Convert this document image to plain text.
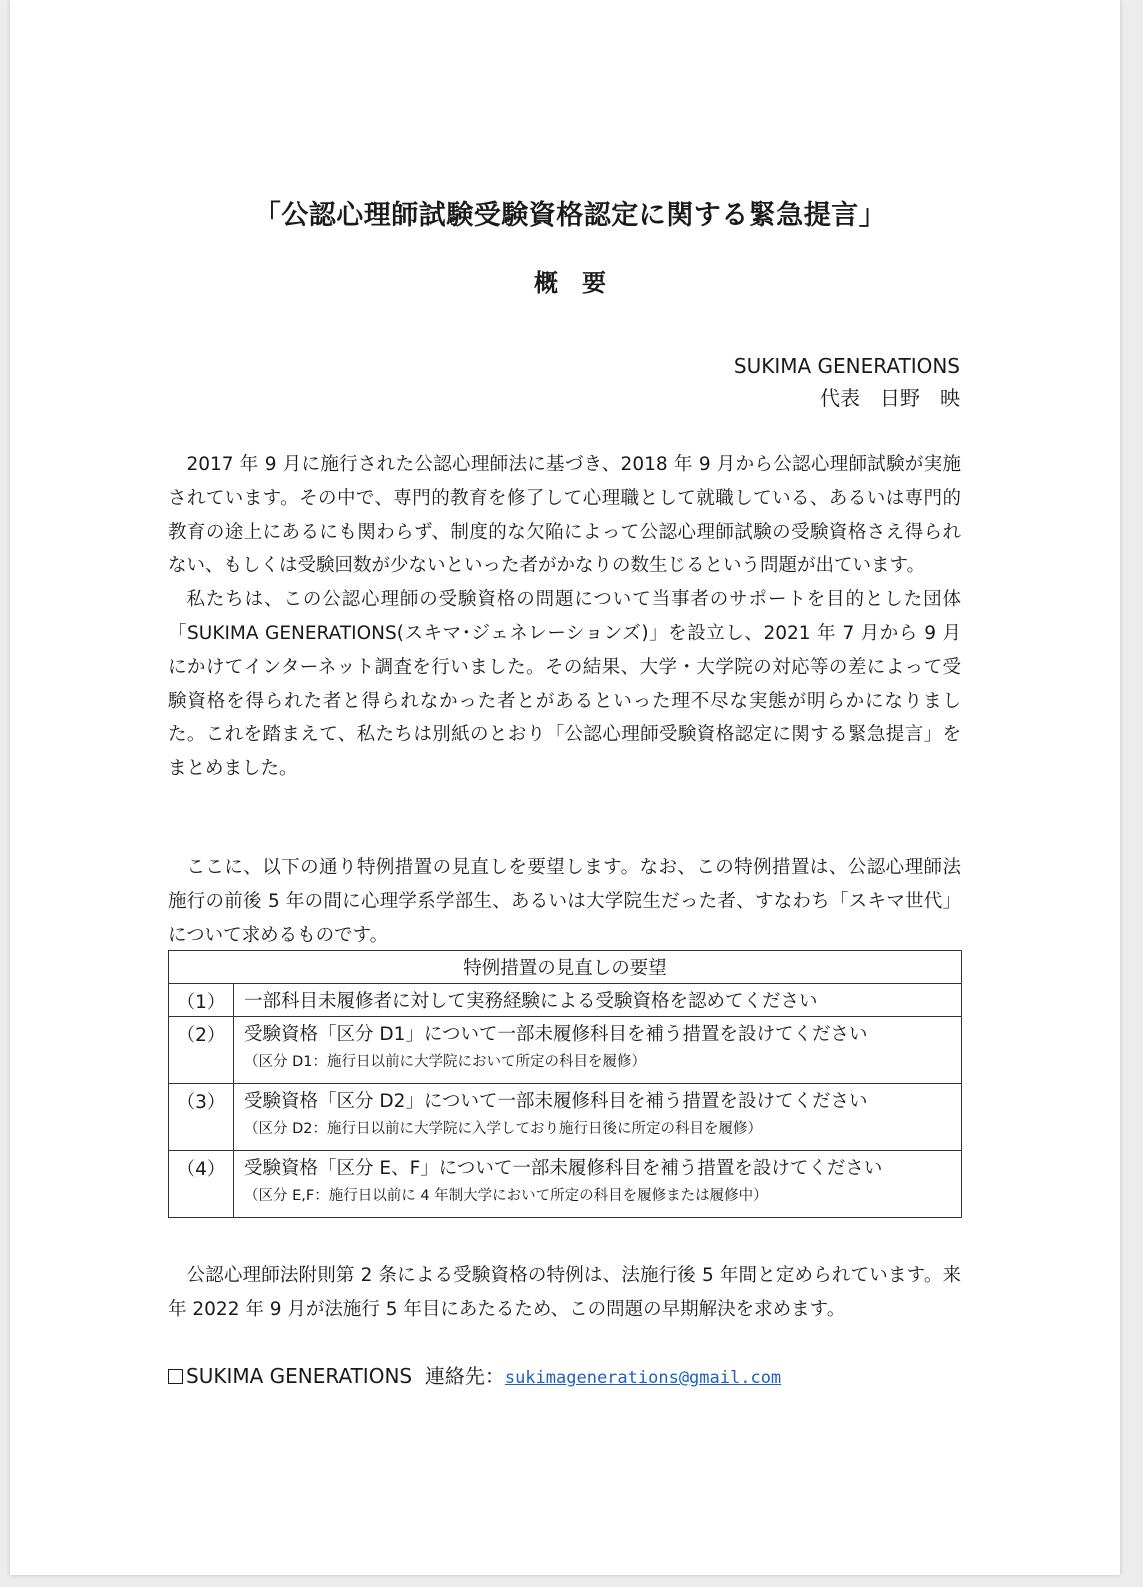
「公認心理師試験受験資格認定に関する緊急提言」
概　要
SUKIMA GENERATIONS
代表　日野　映

2017 年 9 月に施行された公認心理師法に基づき、2018 年 9 月から公認心理師試験が実施されています。その中で、専門的教育を修了して心理職として就職している、あるいは専門的教育の途上にあるにも関わらず、制度的な欠陥によって公認心理師試験の受験資格さえ得られない、もしくは受験回数が少ないといった者がかなりの数生じるという問題が出ています。

私たちは、この公認心理師の受験資格の問題について当事者のサポートを目的とした団体「SUKIMA GENERATIONS(スキマ･ジェネレーションズ)」を設立し、2021 年 7 月から 9 月にかけてインターネット調査を行いました。その結果、大学・大学院の対応等の差によって受験資格を得られた者と得られなかった者とがあるといった理不尽な実態が明らかになりました。これを踏まえて、私たちは別紙のとおり「公認心理師受験資格認定に関する緊急提言」をまとめました。

ここに、以下の通り特例措置の見直しを要望します。なお、この特例措置は、公認心理師法施行の前後 5 年の間に心理学系学部生、あるいは大学院生だった者、すなわち「スキマ世代」について求めるものです。

特例措置の見直しの要望	
（1）	一部科目未履修者に対して実務経験による受験資格を認めてください
（2）	受験資格「区分 D1」について一部未履修科目を補う措置を設けてください
（区分 D1：施行日以前に大学院において所定の科目を履修）

（3）	受験資格「区分 D2」について一部未履修科目を補う措置を設けてください
（区分 D2：施行日以前に大学院に入学しており施行日後に所定の科目を履修）

（4）	受験資格「区分 E、F」について一部未履修科目を補う措置を設けてください
（区分 E,F：施行日以前に 4 年制大学において所定の科目を履修または履修中）

公認心理師法附則第 2 条による受験資格の特例は、法施行後 5 年間と定められています。来年 2022 年 9 月が法施行 5 年目にあたるため、この問題の早期解決を求めます。

SUKIMA GENERATIONS  連絡先：sukimagenerations@gmail.com
